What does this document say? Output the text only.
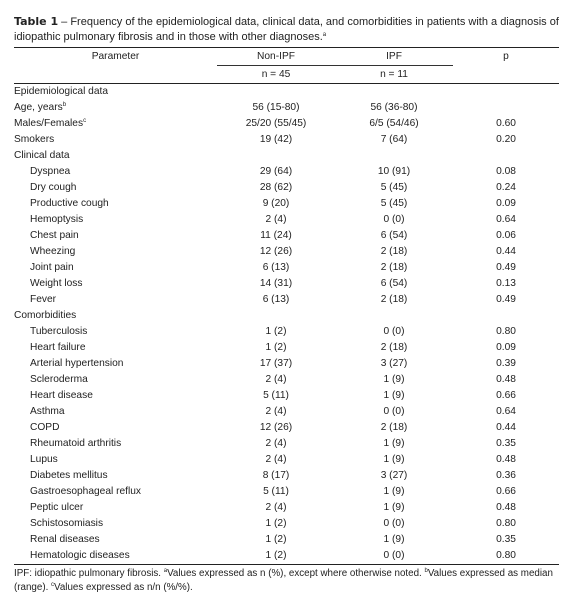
Table 1 – Frequency of the epidemiological data, clinical data, and comorbidities in patients with a diagnosis of idiopathic pulmonary fibrosis and in those with other diagnoses.$^a$

Parameter	Non-IPF	IPF	p
	n = 45	n = 11	
Epidemiological data			
Age, years$^b$	56 (15-80)	56 (36-80)	
Males/Females$^c$	25/20 (55/45)	6/5 (54/46)	0.60
Smokers	19 (42)	7 (64)	0.20
Clinical data			
Dyspnea	29 (64)	10 (91)	0.08
Dry cough	28 (62)	5 (45)	0.24
Productive cough	9 (20)	5 (45)	0.09
Hemoptysis	2 (4)	0 (0)	0.64
Chest pain	11 (24)	6 (54)	0.06
Wheezing	12 (26)	2 (18)	0.44
Joint pain	6 (13)	2 (18)	0.49
Weight loss	14 (31)	6 (54)	0.13
Fever	6 (13)	2 (18)	0.49
Comorbidities			
Tuberculosis	1 (2)	0 (0)	0.80
Heart failure	1 (2)	2 (18)	0.09
Arterial hypertension	17 (37)	3 (27)	0.39
Scleroderma	2 (4)	1 (9)	0.48
Heart disease	5 (11)	1 (9)	0.66
Asthma	2 (4)	0 (0)	0.64
COPD	12 (26)	2 (18)	0.44
Rheumatoid arthritis	2 (4)	1 (9)	0.35
Lupus	2 (4)	1 (9)	0.48
Diabetes mellitus	8 (17)	3 (27)	0.36
Gastroesophageal reflux	5 (11)	1 (9)	0.66
Peptic ulcer	2 (4)	1 (9)	0.48
Schistosomiasis	1 (2)	0 (0)	0.80
Renal diseases	1 (2)	1 (9)	0.35
Hematologic diseases	1 (2)	0 (0)	0.80
IPF: idiopathic pulmonary fibrosis. $^a$Values expressed as n (%), except where otherwise noted. $^b$Values expressed as median (range). $^c$Values expressed as n/n (%/%).
